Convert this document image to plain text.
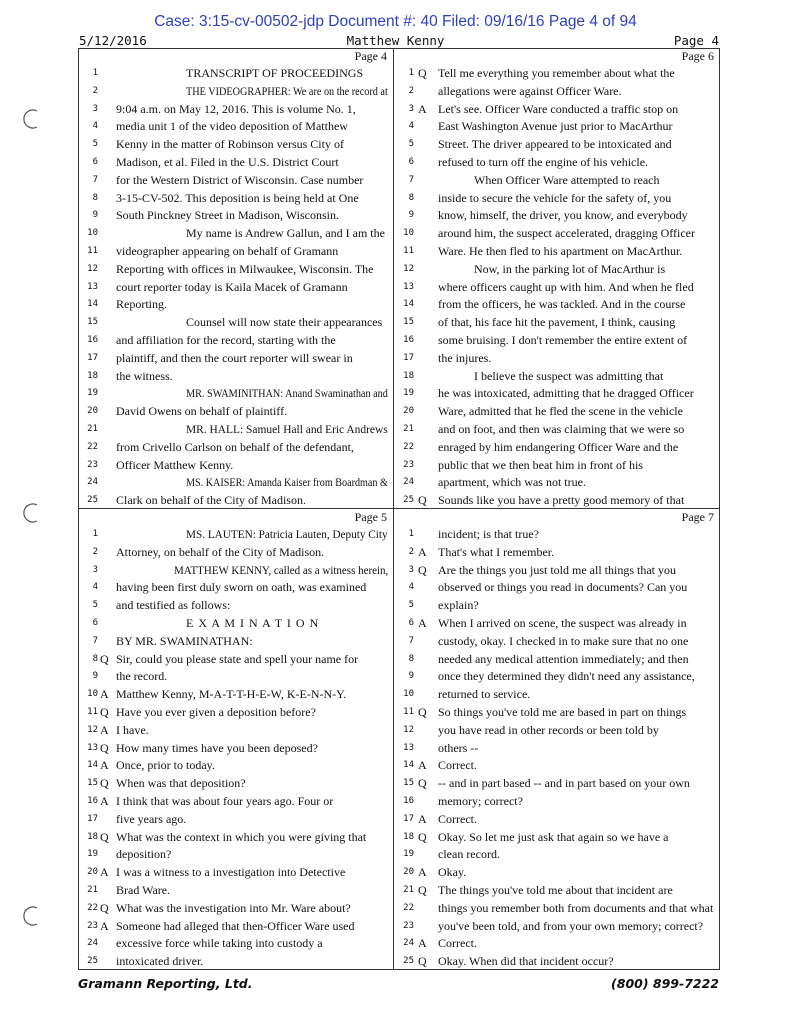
Case: 3:15-cv-00502-jdp Document #: 40 Filed: 09/16/16 Page 4 of 94
5/12/2016	Matthew Kenny	Page 4
Page 4
1	TRANSCRIPT OF PROCEEDINGS
2	THE VIDEOGRAPHER: We are on the record at
3 9:04 a.m. on May 12, 2016. This is volume No. 1,
4 media unit 1 of the video deposition of Matthew
5 Kenny in the matter of Robinson versus City of
6 Madison, et al. Filed in the U.S. District Court
7 for the Western District of Wisconsin. Case number
8 3-15-CV-502. This deposition is being held at One
9 South Pinckney Street in Madison, Wisconsin.
10	My name is Andrew Gallun, and I am the
11 videographer appearing on behalf of Gramann
12 Reporting with offices in Milwaukee, Wisconsin. The
13 court reporter today is Kaila Macek of Gramann
14 Reporting.
15	Counsel will now state their appearances
16 and affiliation for the record, starting with the
17 plaintiff, and then the court reporter will swear in
18 the witness.
19	MR. SWAMINITHAN: Anand Swaminathan and
20 David Owens on behalf of plaintiff.
21	MR. HALL: Samuel Hall and Eric Andrews
22 from Crivello Carlson on behalf of the defendant,
23 Officer Matthew Kenny.
24	MS. KAISER: Amanda Kaiser from Boardman &
25 Clark on behalf of the City of Madison.
Page 6
1 Q Tell me everything you remember about what the
2 allegations were against Officer Ware.
3 A Let's see. Officer Ware conducted a traffic stop on
4 East Washington Avenue just prior to MacArthur
5 Street. The driver appeared to be intoxicated and
6 refused to turn off the engine of his vehicle.
7	When Officer Ware attempted to reach
8 inside to secure the vehicle for the safety of, you
9 know, himself, the driver, you know, and everybody
10 around him, the suspect accelerated, dragging Officer
11 Ware. He then fled to his apartment on MacArthur.
12	Now, in the parking lot of MacArthur is
13 where officers caught up with him. And when he fled
14 from the officers, he was tackled. And in the course
15 of that, his face hit the pavement, I think, causing
16 some bruising. I don't remember the entire extent of
17 the injures.
18	I believe the suspect was admitting that
19 he was intoxicated, admitting that he dragged Officer
20 Ware, admitted that he fled the scene in the vehicle
21 and on foot, and then was claiming that we were so
22 enraged by him endangering Officer Ware and the
23 public that we then beat him in front of his
24 apartment, which was not true.
25 Q Sounds like you have a pretty good memory of that
Page 5
1	MS. LAUTEN: Patricia Lauten, Deputy City
2 Attorney, on behalf of the City of Madison.
3	MATTHEW KENNY, called as a witness herein,
4 having been first duly sworn on oath, was examined
5 and testified as follows:
6	E X A M I N A T I O N
7 BY MR. SWAMINATHAN:
8 Q Sir, could you please state and spell your name for
9 the record.
10 A Matthew Kenny, M-A-T-T-H-E-W, K-E-N-N-Y.
11 Q Have you ever given a deposition before?
12 A I have.
13 Q How many times have you been deposed?
14 A Once, prior to today.
15 Q When was that deposition?
16 A I think that was about four years ago. Four or
17 five years ago.
18 Q What was the context in which you were giving that
19 deposition?
20 A I was a witness to a investigation into Detective
21 Brad Ware.
22 Q What was the investigation into Mr. Ware about?
23 A Someone had alleged that then-Officer Ware used
24 excessive force while taking into custody a
25 intoxicated driver.
Page 7
1 incident; is that true?
2 A That's what I remember.
3 Q Are the things you just told me all things that you
4 observed or things you read in documents? Can you
5 explain?
6 A When I arrived on scene, the suspect was already in
7 custody, okay. I checked in to make sure that no one
8 needed any medical attention immediately; and then
9 once they determined they didn't need any assistance,
10 returned to service.
11 Q So things you've told me are based in part on things
12 you have read in other records or been told by
13 others --
14 A Correct.
15 Q -- and in part based -- and in part based on your own
16 memory; correct?
17 A Correct.
18 Q Okay. So let me just ask that again so we have a
19 clean record.
20 A Okay.
21 Q The things you've told me about that incident are
22 things you remember both from documents and that what
23 you've been told, and from your own memory; correct?
24 A Correct.
25 Q Okay. When did that incident occur?
Gramann Reporting, Ltd.	(800) 899-7222
